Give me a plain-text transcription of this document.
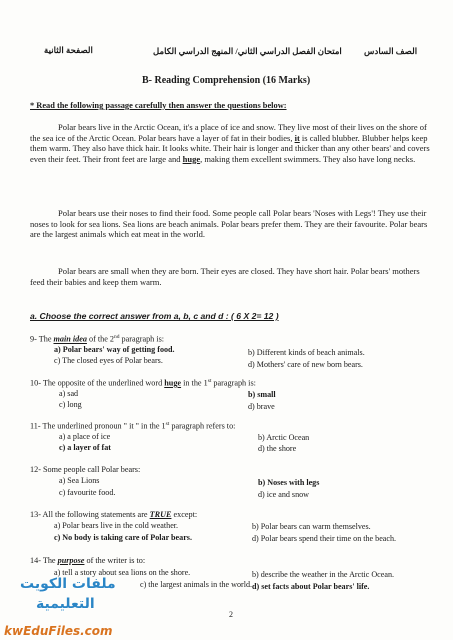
الصفحة الثانية	امتحان الفصل الدراسي الثاني/ المنهج الدراسي الكامل	الصف السادس
B- Reading Comprehension (16 Marks)
* Read the following passage carefully then answer the questions below:
Polar bears live in the Arctic Ocean, it's a place of ice and snow. They live most of their lives on the shore of the sea ice of the Arctic Ocean. Polar bears have a layer of fat in their bodies, it is called blubber. Blubber helps keep them warm. They also have thick hair. It looks white. Their hair is longer and thicker than any other bears' and covers even their feet. Their front feet are large and huge, making them excellent swimmers. They also have long necks.
Polar bears use their noses to find their food. Some people call Polar bears 'Noses with Legs'! They use their noses to look for sea lions. Sea lions are beach animals. Polar bears prefer them. They are their favourite. Polar bears are the largest animals which eat meat in the world.
Polar bears are small when they are born. Their eyes are closed. They have short hair. Polar bears' mothers feed their babies and keep them warm.
a. Choose the correct answer from a, b, c and d : ( 6 X 2= 12 )
9- The main idea of the 2nd paragraph is:
a) Polar bears' way of getting food.	b) Different kinds of beach animals.
c) The closed eyes of Polar bears.	d) Mothers' care of new born bears.
10- The opposite of the underlined word huge in the 1st paragraph is:
a) sad	b) small
c) long	d) brave
11- The underlined pronoun " it " in the 1st paragraph refers to:
a) a place of ice	b) Arctic Ocean
c) a layer of fat	d) the shore
12- Some people call Polar bears:
a) Sea Lions	b) Noses with legs
c) favourite food.	d) ice and snow
13- All the following statements are TRUE except:
a) Polar bears live in the cold weather.	b) Polar bears can warm themselves.
c) No body is taking care of Polar bears.	d) Polar bears spend their time on the beach.
14- The purpose of the writer is to:
a) tell a story about sea lions on the shore.	b) describe the weather in the Arctic Ocean.
c) the largest animals in the world. d) set facts about Polar bears' life.
2
ملفات الكويت
التعليمية
kwEduFiles.com
